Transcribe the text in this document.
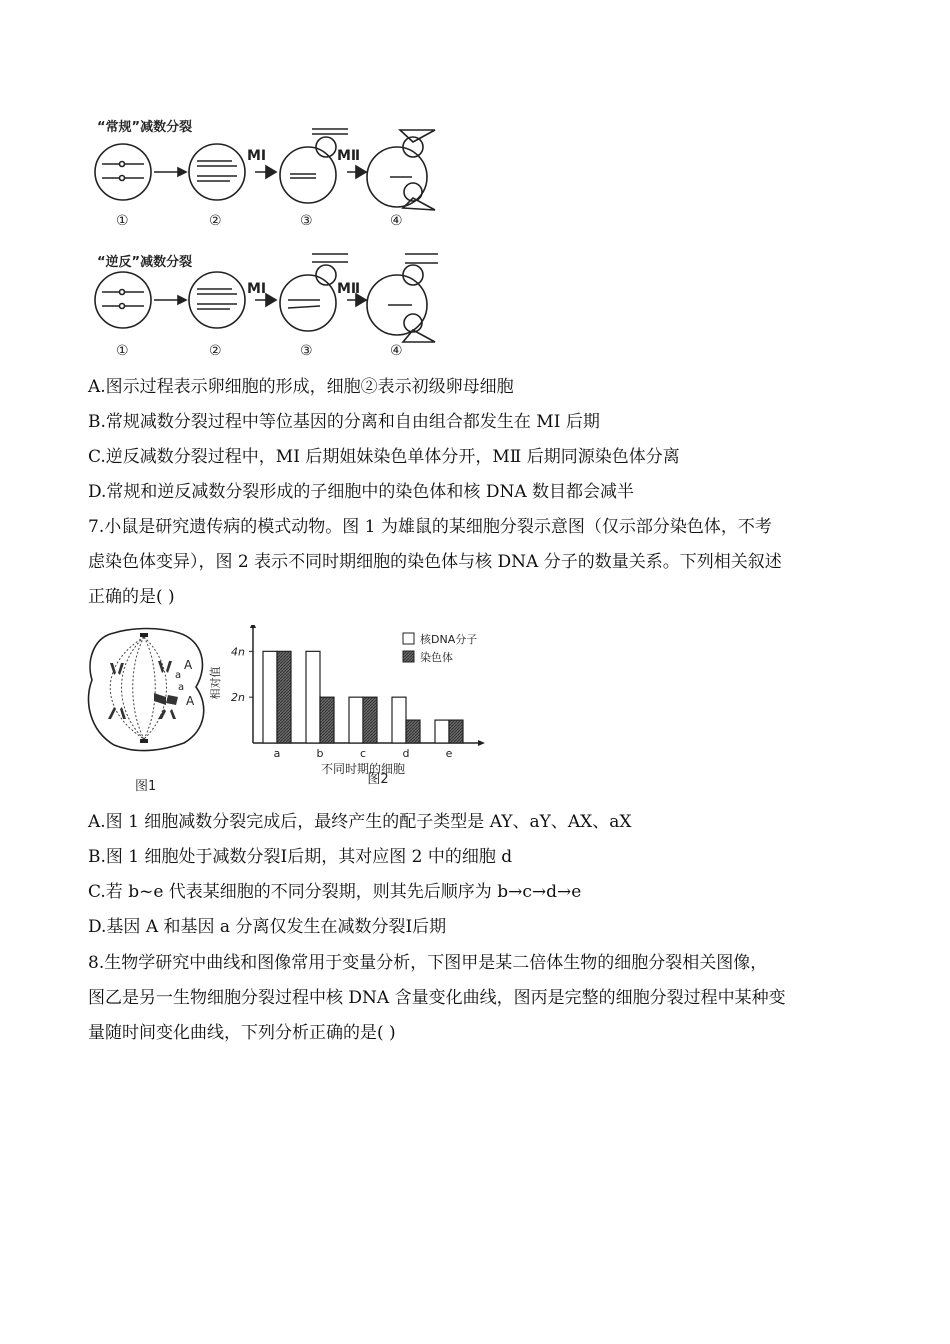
“常规”减数分裂
“逆反”减数分裂
MⅠ	MⅡ
MⅠ	MⅡ
①	②	③	④
①	②	③	④
A.图示过程表示卵细胞的形成，细胞②表示初级卵母细胞
B.常规减数分裂过程中等位基因的分离和自由组合都发生在 MI 后期
C.逆反减数分裂过程中，MI 后期姐妹染色单体分开，MⅡ 后期同源染色体分离
D.常规和逆反减数分裂形成的子细胞中的染色体和核 DNA 数目都会减半
7.小鼠是研究遗传病的模式动物。图 1 为雄鼠的某细胞分裂示意图（仅示部分染色体，不考
虑染色体变异），图 2 表示不同时期细胞的染色体与核 DNA 分子的数量关系。下列相关叙述
正确的是( )
A
a
a
A
图1
4n
2n
相对值
a	b	c	d	e
不同时期的细胞
图2
核DNA分子
染色体
A.图 1 细胞减数分裂完成后，最终产生的配子类型是 AY、aY、AX、aX
B.图 1 细胞处于减数分裂Ⅰ后期，其对应图 2 中的细胞 d
C.若 b~e 代表某细胞的不同分裂期，则其先后顺序为 b→c→d→e
D.基因 A 和基因 a 分离仅发生在减数分裂Ⅰ后期
8.生物学研究中曲线和图像常用于变量分析，下图甲是某二倍体生物的细胞分裂相关图像，
图乙是另一生物细胞分裂过程中核 DNA 含量变化曲线，图丙是完整的细胞分裂过程中某种变
量随时间变化曲线，下列分析正确的是( )
